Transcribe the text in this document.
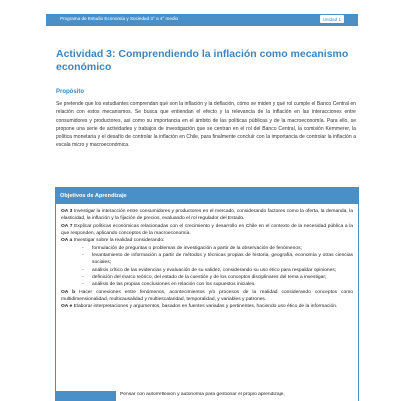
Programa de Estudio Economía y Sociedad 3° a 4° medio	Unidad 1
Actividad 3: Comprendiendo la inflación como mecanismo económico
Propósito

Se pretende que los estudiantes comprendan qué son la inflación y la deflación, cómo se miden y qué rol cumple el Banco Central en relación con estos mecanismos. Se busca que entiendan el efecto y la relevancia de la inflación en las interacciones entre consumidores y productores, así como su importancia en el ámbito de las políticas públicas y de la macroeconomía. Para ello, se propone una serie de actividades y trabajos de investigación que se centran en el rol del Banco Central, la comisión Kemmerer, la política monetaria y el desafío de controlar la inflación en Chile, para finalmente concluir con la importancia de controlar la inflación a escala micro y macroeconómica.

Objetivos de Aprendizaje

OA 3 Investigar la interacción entre consumidores y productores en el mercado, considerando factores como la oferta, la demanda, la elasticidad, la inflación y la fijación de precios, evaluando el rol regulador del Estado.

OA 7 Explicar políticas económicas relacionadas con el crecimiento y desarrollo en Chile en el contexto de la necesidad pública a la que responden, aplicando conceptos de la macroeconomía.

OA a Investigar sobre la realidad considerando:

- formulación de preguntas o problemas de investigación a partir de la observación de fenómenos;
- levantamiento de información a partir de métodos y técnicas propias de historia, geografía, economía y otras ciencias sociales;
- análisis crítico de las evidencias y evaluación de su validez, considerando su uso ético para respaldar opiniones;
- definición del marco teórico, del estado de la cuestión y de los conceptos disciplinares del tema a investigar;
- análisis de las propias conclusiones en relación con los supuestos iniciales.

OA b Hacer conexiones entre fenómenos, acontecimientos y/o procesos de la realidad considerando conceptos como multidimensionalidad, multicausalidad y multiescalaridad, temporalidad, y variables y patrones.

OA e Elaborar interpretaciones y argumentos, basados en fuentes variadas y pertinentes, haciendo uso ético de la información.

Pensar con autorreflexión y autonomía para gestionar el propio aprendizaje,
